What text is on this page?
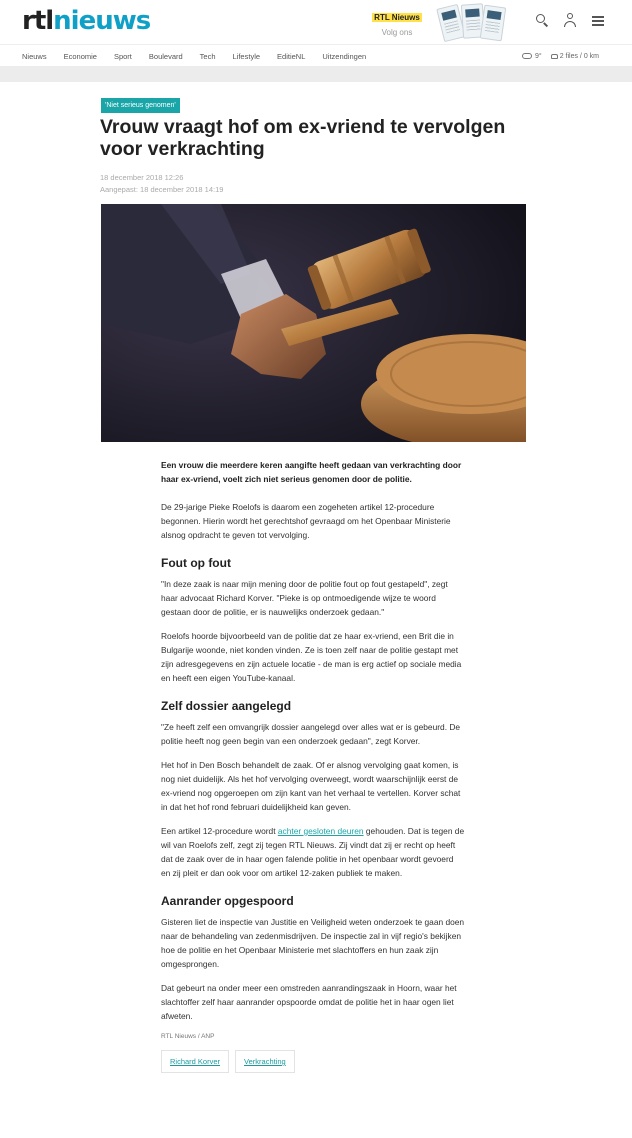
rtl nieuws	RTL Nieuws
Volg ons
Nieuws Economie Sport Boulevard Tech Lifestyle EditieNL Uitzendingen	9°	2 files / 0 km
'Niet serieus genomen'
Vrouw vraagt hof om ex-vriend te vervolgen voor verkrachting
18 december 2018 12:26
Aangepast: 18 december 2018 14:19

Een vrouw die meerdere keren aangifte heeft gedaan van verkrachting door haar ex-vriend, voelt zich niet serieus genomen door de politie.

De 29-jarige Pieke Roelofs is daarom een zogeheten artikel 12-procedure begonnen. Hierin wordt het gerechtshof gevraagd om het Openbaar Ministerie alsnog opdracht te geven tot vervolging.

Fout op fout

"In deze zaak is naar mijn mening door de politie fout op fout gestapeld", zegt haar advocaat Richard Korver. "Pieke is op ontmoedigende wijze te woord gestaan door de politie, er is nauwelijks onderzoek gedaan."

Roelofs hoorde bijvoorbeeld van de politie dat ze haar ex-vriend, een Brit die in Bulgarije woonde, niet konden vinden. Ze is toen zelf naar de politie gestapt met zijn adresgegevens en zijn actuele locatie - de man is erg actief op sociale media en heeft een eigen YouTube-kanaal.

Zelf dossier aangelegd

"Ze heeft zelf een omvangrijk dossier aangelegd over alles wat er is gebeurd. De politie heeft nog geen begin van een onderzoek gedaan", zegt Korver.

Het hof in Den Bosch behandelt de zaak. Of er alsnog vervolging gaat komen, is nog niet duidelijk. Als het hof vervolging overweegt, wordt waarschijnlijk eerst de ex-vriend nog opgeroepen om zijn kant van het verhaal te vertellen. Korver schat in dat het hof rond februari duidelijkheid kan geven.

Een artikel 12-procedure wordt achter gesloten deuren gehouden. Dat is tegen de wil van Roelofs zelf, zegt zij tegen RTL Nieuws. Zij vindt dat zij er recht op heeft dat de zaak over de in haar ogen falende politie in het openbaar wordt gevoerd en zij pleit er dan ook voor om artikel 12-zaken publiek te maken.

Aanrander opgespoord

Gisteren liet de inspectie van Justitie en Veiligheid weten onderzoek te gaan doen naar de behandeling van zedenmisdrijven. De inspectie zal in vijf regio's bekijken hoe de politie en het Openbaar Ministerie met slachtoffers en hun zaak zijn omgesprongen.

Dat gebeurt na onder meer een omstreden aanrandingszaak in Hoorn, waar het slachtoffer zelf haar aanrander opspoorde omdat de politie het in haar ogen liet afweten.

RTL Nieuws / ANP
Richard Korver	Verkrachting
